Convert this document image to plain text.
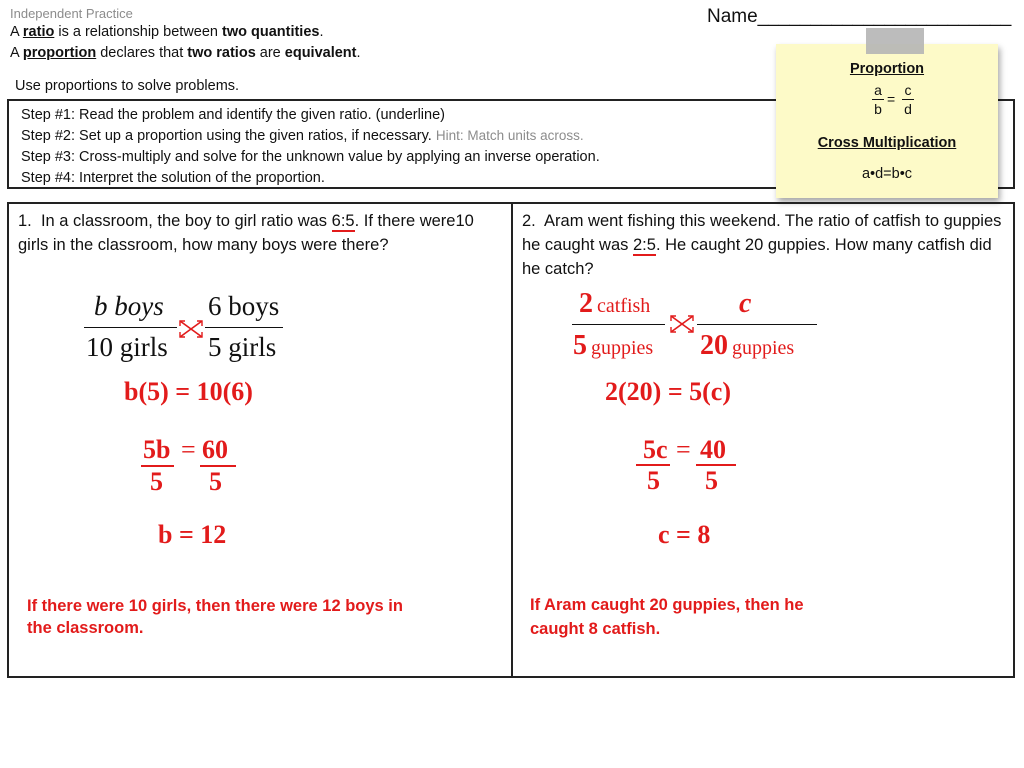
Independent Practice
A ratio is a relationship between two quantities.
A proportion declares that two ratios are equivalent.
Use proportions to solve problems.
Name________________________
Step #1: Read the problem and identify the given ratio. (underline)
Step #2: Set up a proportion using the given ratios, if necessary. Hint: Match units across.
Step #3: Cross-multiply and solve for the unknown value by applying an inverse operation.
Step #4: Interpret the solution of the proportion.
Proportion
a
b
=
c
d
Cross Multiplication
a•d=b•c
1. In a classroom, the boy to girl ratio was 6:5. If there were10 girls in the classroom, how many boys were there?
b boys
10 girls
6 boys
5 girls
b(5) = 10(6)
5b = 60
5 5
b = 12
If there were 10 girls, then there were 12 boys in the classroom.
2. Aram went fishing this weekend. The ratio of catfish to guppies he caught was 2:5. He caught 20 guppies. How many catfish did he catch?
2 catfish
5 guppies
c
20 guppies
2(20) = 5(c)
5c = 40
5 5
c = 8
If Aram caught 20 guppies, then he caught 8 catfish.
